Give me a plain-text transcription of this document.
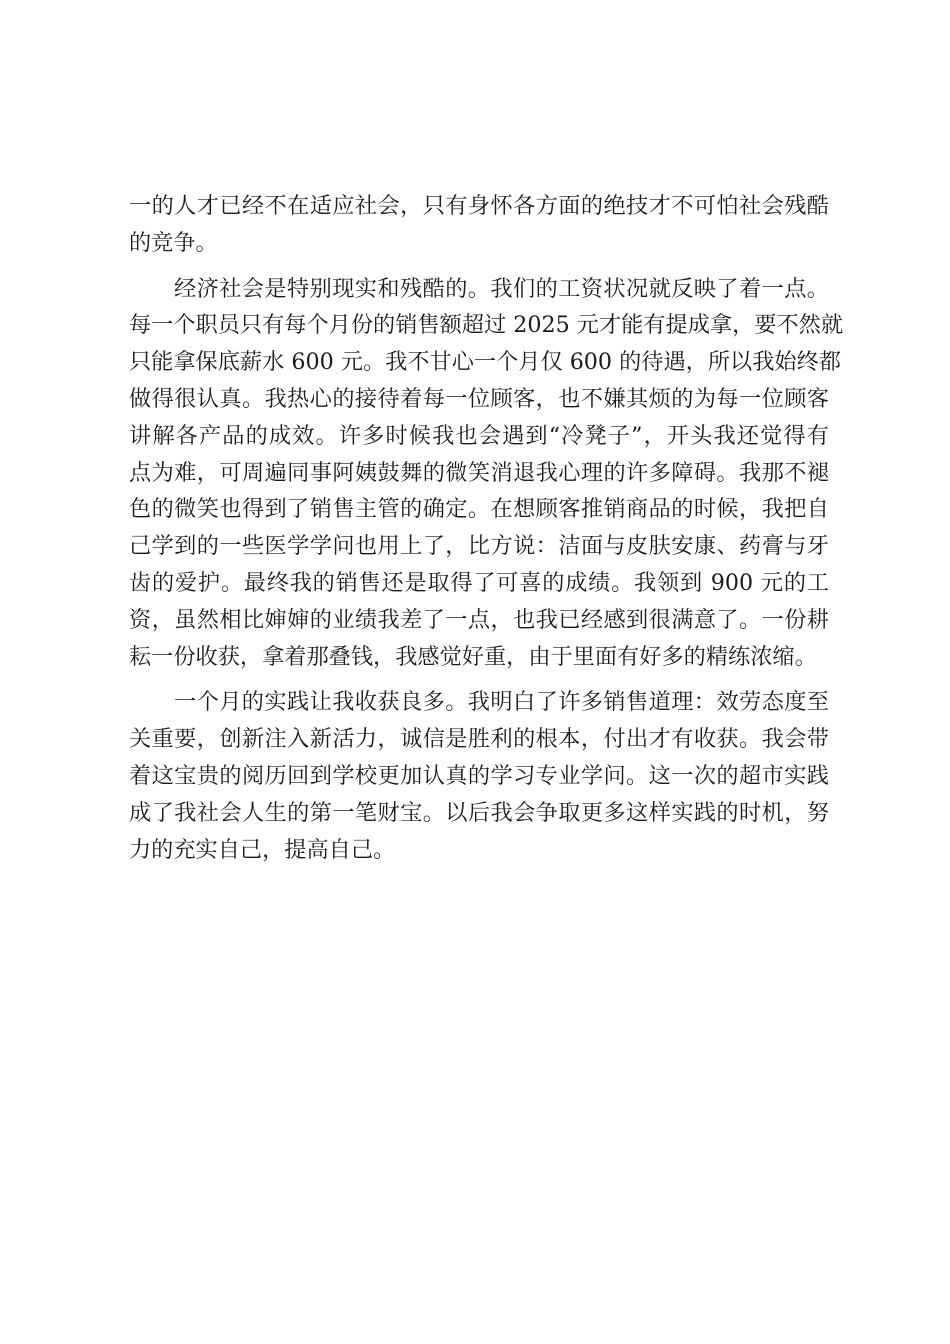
一的人才已经不在适应社会，只有身怀各方面的绝技才不可怕社会残酷
的竞争。
经济社会是特别现实和残酷的。我们的工资状况就反映了着一点。
每一个职员只有每个月份的销售额超过 2025 元才能有提成拿，要不然就
只能拿保底薪水 600 元。我不甘心一个月仅 600 的待遇，所以我始终都
做得很认真。我热心的接待着每一位顾客，也不嫌其烦的为每一位顾客
讲解各产品的成效。许多时候我也会遇到“冷凳子”，开头我还觉得有
点为难，可周遍同事阿姨鼓舞的微笑消退我心理的许多障碍。我那不褪
色的微笑也得到了销售主管的确定。在想顾客推销商品的时候，我把自
己学到的一些医学学问也用上了，比方说：洁面与皮肤安康、药膏与牙
齿的爱护。最终我的销售还是取得了可喜的成绩。我领到 900 元的工
资，虽然相比婶婶的业绩我差了一点，也我已经感到很满意了。一份耕
耘一份收获，拿着那叠钱，我感觉好重，由于里面有好多的精练浓缩。
一个月的实践让我收获良多。我明白了许多销售道理：效劳态度至
关重要，创新注入新活力，诚信是胜利的根本，付出才有收获。我会带
着这宝贵的阅历回到学校更加认真的学习专业学问。这一次的超市实践
成了我社会人生的第一笔财宝。以后我会争取更多这样实践的时机，努
力的充实自己，提高自己。
